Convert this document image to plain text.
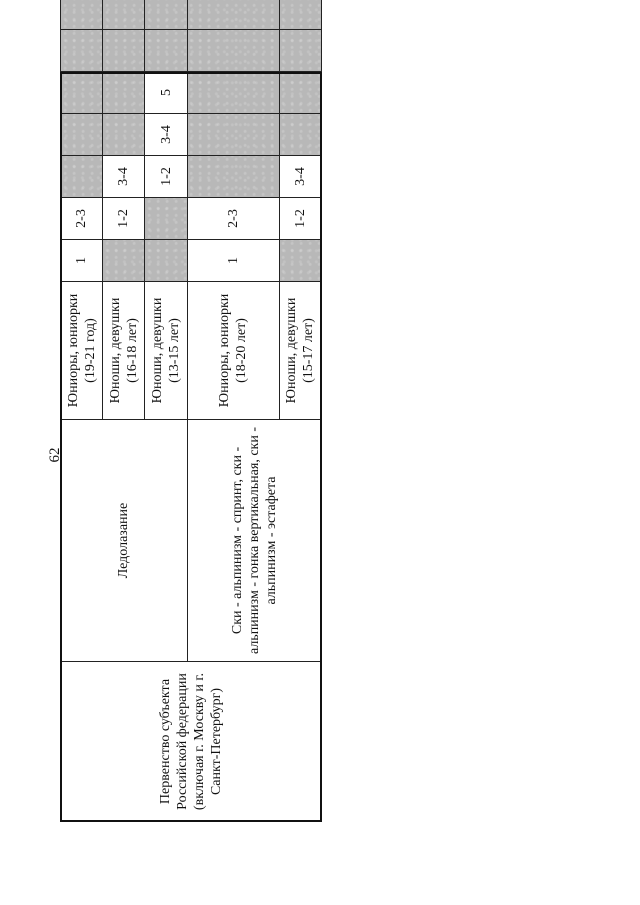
62
Первенство субъекта Российской федерации (включая г. Москву и г. Санкт-Петербург)	Ледолазание	Юниоры, юниорки (19-21 год)	1	2-3					
		Юноши, девушки (16-18 лет)		1-2	3-4				
		Юноши, девушки (13-15 лет)			1-2	3-4	5		
	Ски - альпинизм - спринт, ски - альпинизм - гонка вертикальная, ски - альпинизм - эстафета	Юниоры, юниорки (18-20 лет)	1	2-3					
		Юноши, девушки (15-17 лет)		1-2	3-4				
